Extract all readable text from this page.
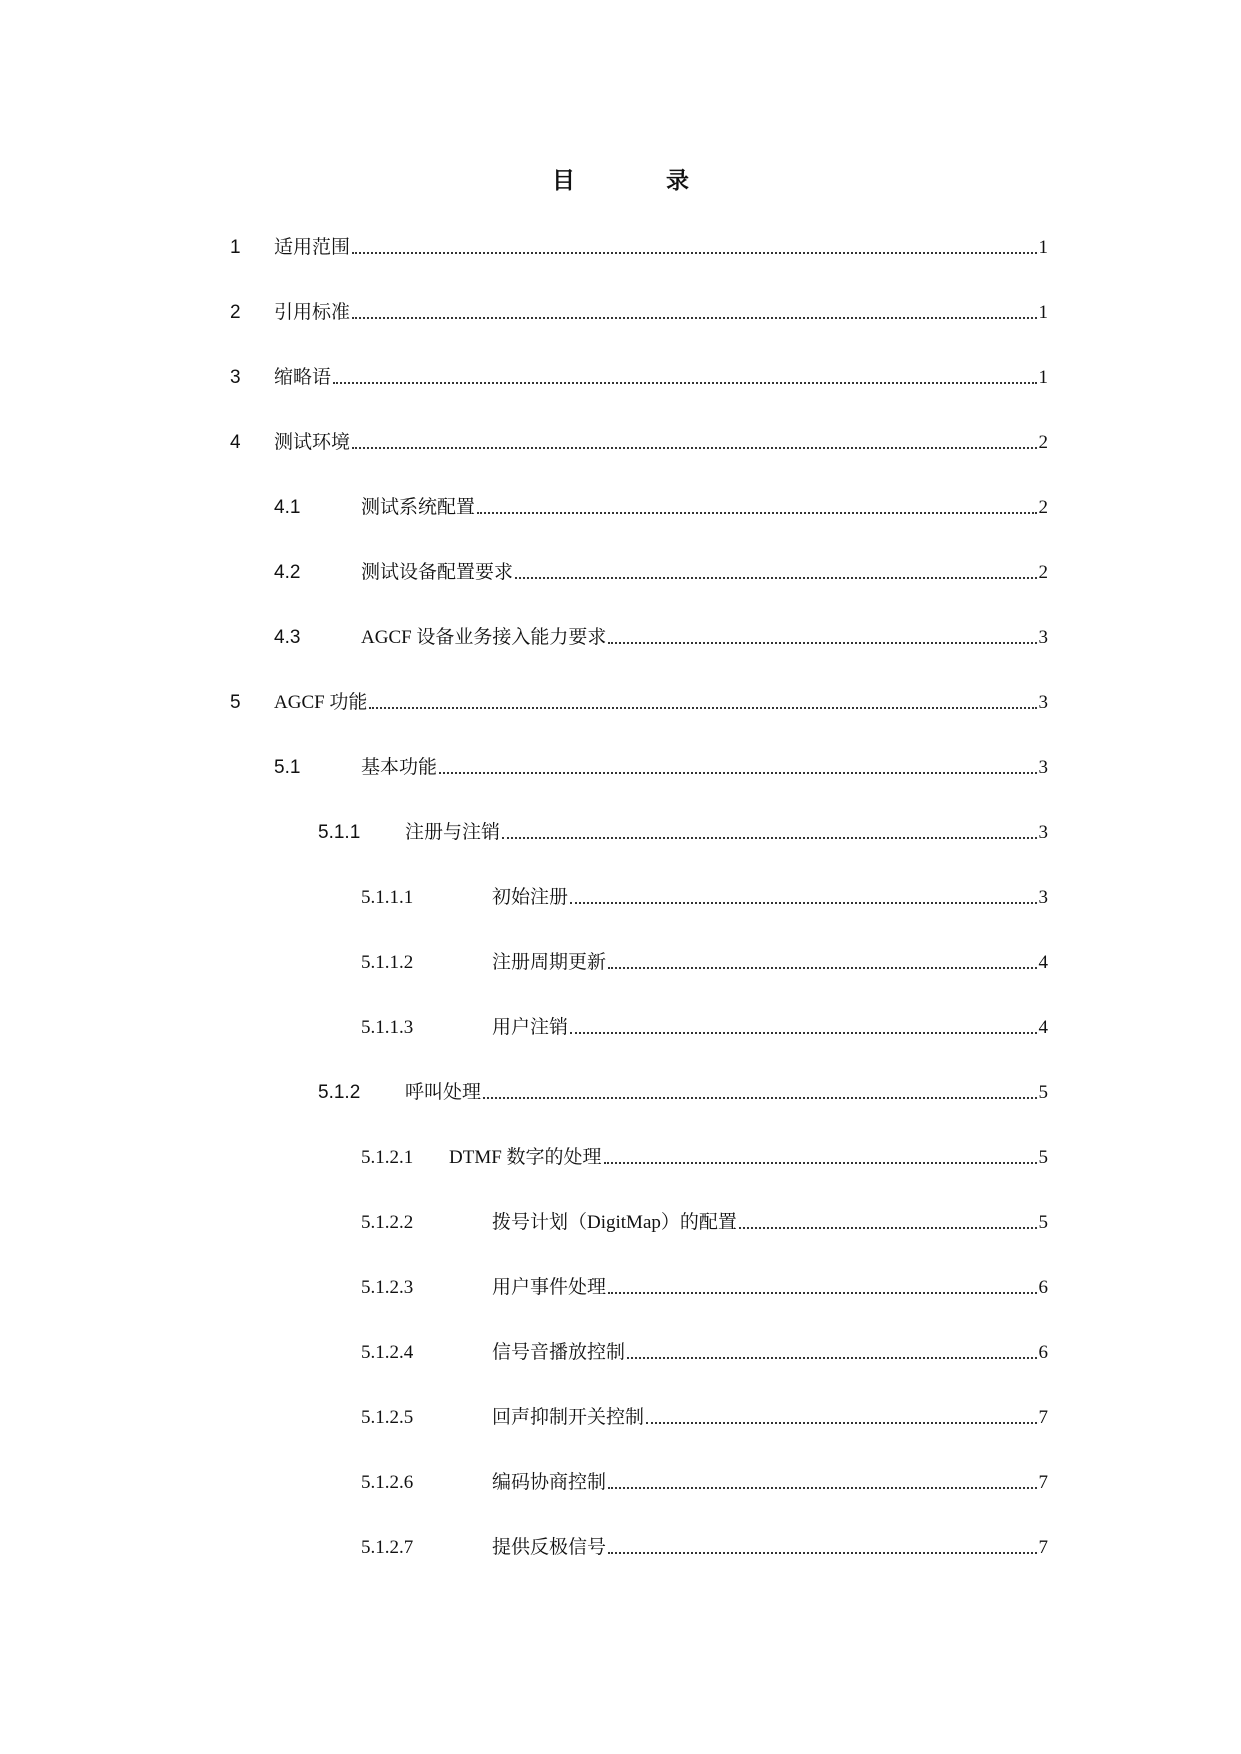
目　录
1	适用范围	1
2	引用标准	1
3	缩略语	1
4	测试环境	2
4.1	测试系统配置	2
4.2	测试设备配置要求	2
4.3	AGCF 设备业务接入能力要求	3
5	AGCF 功能	3
5.1	基本功能	3
5.1.1	注册与注销	3
5.1.1.1	初始注册	3
5.1.1.2	注册周期更新	4
5.1.1.3	用户注销	4
5.1.2	呼叫处理	5
5.1.2.1	DTMF 数字的处理	5
5.1.2.2	拨号计划（DigitMap）的配置	5
5.1.2.3	用户事件处理	6
5.1.2.4	信号音播放控制	6
5.1.2.5	回声抑制开关控制	7
5.1.2.6	编码协商控制	7
5.1.2.7	提供反极信号	7
